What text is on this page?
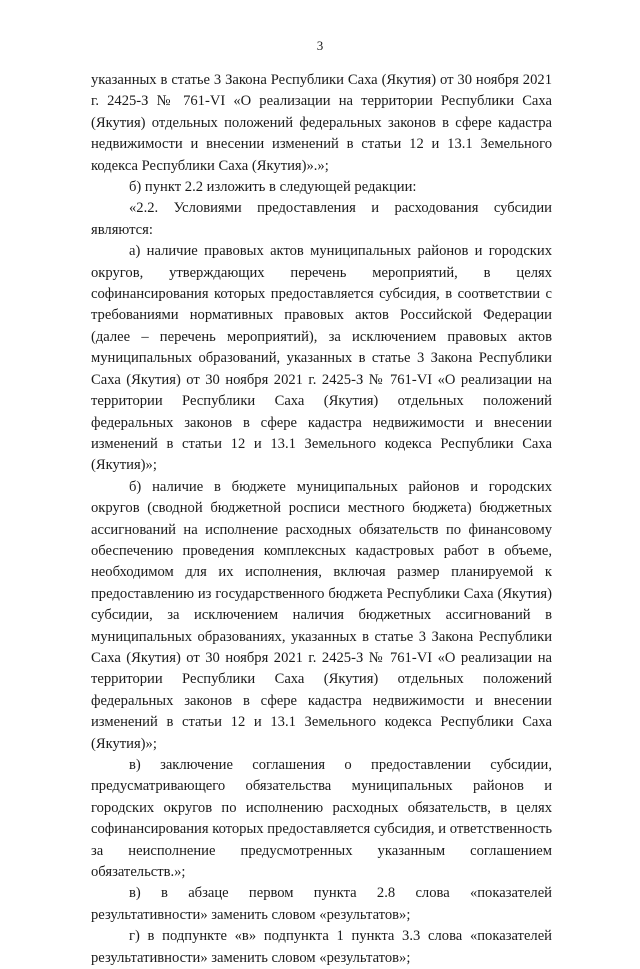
3

указанных в статье 3 Закона Республики Саха (Якутия) от 30 ноября 2021 г. 2425-З № 761-VI «О реализации на территории Республики Саха (Якутия) отдельных положений федеральных законов в сфере кадастра недвижимости и внесении изменений в статьи 12 и 13.1 Земельного кодекса Республики Саха (Якутия)».»;

б) пункт 2.2 изложить в следующей редакции:

«2.2. Условиями предоставления и расходования субсидии являются:

а) наличие правовых актов муниципальных районов и городских округов, утверждающих перечень мероприятий, в целях софинансирования которых предоставляется субсидия, в соответствии с требованиями нормативных правовых актов Российской Федерации (далее – перечень мероприятий), за исключением правовых актов муниципальных образований, указанных в статье 3 Закона Республики Саха (Якутия) от 30 ноября 2021 г. 2425-З № 761-VI «О реализации на территории Республики Саха (Якутия) отдельных положений федеральных законов в сфере кадастра недвижимости и внесении изменений в статьи 12 и 13.1 Земельного кодекса Республики Саха (Якутия)»;

б) наличие в бюджете муниципальных районов и городских округов (сводной бюджетной росписи местного бюджета) бюджетных ассигнований на исполнение расходных обязательств по финансовому обеспечению проведения комплексных кадастровых работ в объеме, необходимом для их исполнения, включая размер планируемой к предоставлению из государственного бюджета Республики Саха (Якутия) субсидии, за исключением наличия бюджетных ассигнований в муниципальных образованиях, указанных в статье 3 Закона Республики Саха (Якутия) от 30 ноября 2021 г. 2425-З № 761-VI «О реализации на территории Республики Саха (Якутия) отдельных положений федеральных законов в сфере кадастра недвижимости и внесении изменений в статьи 12 и 13.1 Земельного кодекса Республики Саха (Якутия)»;

в) заключение соглашения о предоставлении субсидии, предусматривающего обязательства муниципальных районов и городских округов по исполнению расходных обязательств, в целях софинансирования которых предоставляется субсидия, и ответственность за неисполнение предусмотренных указанным соглашением обязательств.»;

в) в абзаце первом пункта 2.8 слова «показателей результативности» заменить словом «результатов»;

г) в подпункте «в» подпункта 1 пункта 3.3 слова «показателей результативности» заменить словом «результатов»;
